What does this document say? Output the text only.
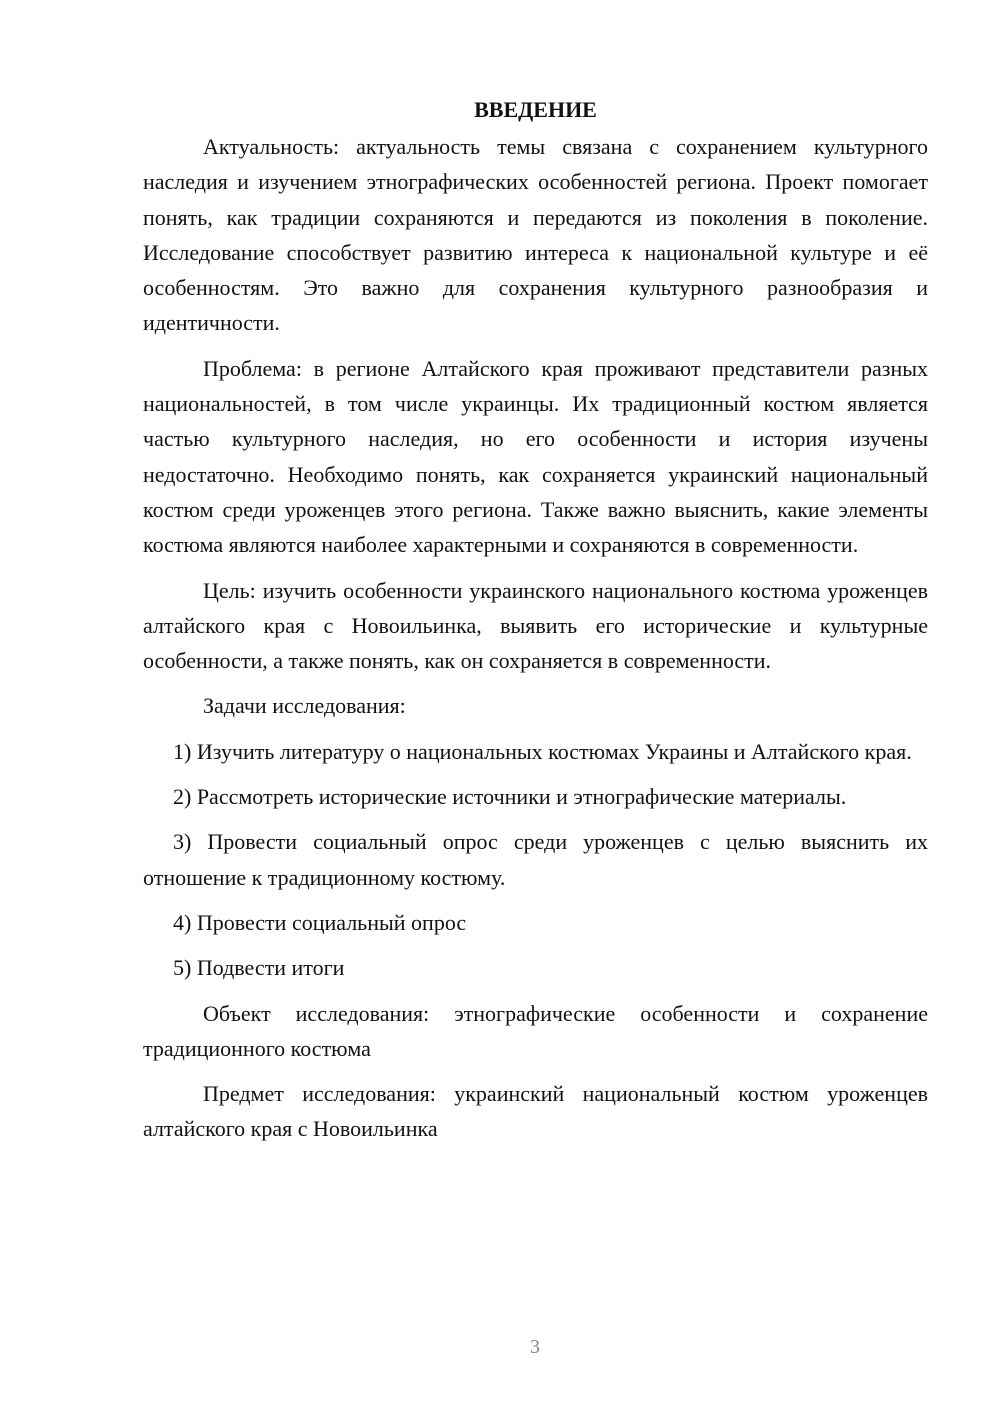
ВВЕДЕНИЕ

Актуальность: актуальность темы связана с сохранением культурного наследия и изучением этнографических особенностей региона. Проект помогает понять, как традиции сохраняются и передаются из поколения в поколение. Исследование способствует развитию интереса к национальной культуре и её особенностям. Это важно для сохранения культурного разнообразия и идентичности.

Проблема: в регионе Алтайского края проживают представители разных национальностей, в том числе украинцы. Их традиционный костюм является частью культурного наследия, но его особенности и история изучены недостаточно. Необходимо понять, как сохраняется украинский национальный костюм среди уроженцев этого региона. Также важно выяснить, какие элементы костюма являются наиболее характерными и сохраняются в современности.

Цель: изучить особенности украинского национального костюма уроженцев алтайского края с Новоильинка, выявить его исторические и культурные особенности, а также понять, как он сохраняется в современности.

Задачи исследования:

1) Изучить литературу о национальных костюмах Украины и Алтайского края.

2) Рассмотреть исторические источники и этнографические материалы.

3) Провести социальный опрос среди уроженцев с целью выяснить их отношение к традиционному костюму.

4) Провести социальный опрос

5) Подвести итоги

Объект исследования: этнографические особенности и сохранение традиционного костюма

Предмет исследования: украинский национальный костюм уроженцев алтайского края с Новоильинка

3
